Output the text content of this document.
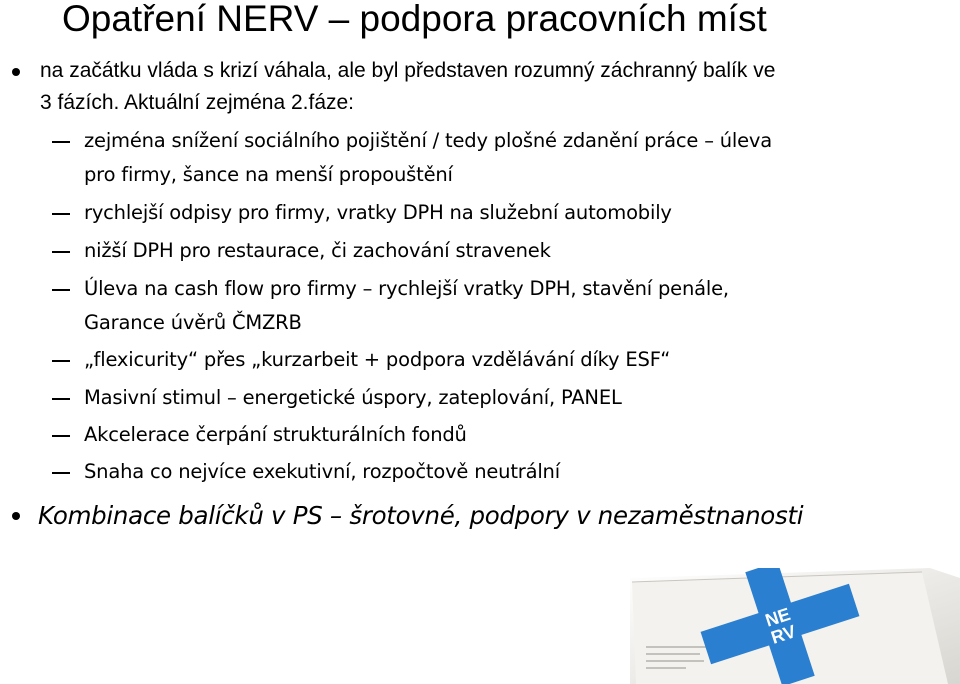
Opatření NERV – podpora pracovních míst
na začátku vláda s krizí váhala, ale byl představen rozumný záchranný balík ve
3 fázích. Aktuální zejména 2.fáze:
zejména snížení sociálního pojištění / tedy plošné zdanění práce – úleva
pro firmy, šance na menší propouštění
rychlejší odpisy pro firmy, vratky DPH na služební automobily
nižší DPH pro restaurace, či zachování stravenek
Úleva na cash flow pro firmy – rychlejší vratky DPH, stavění penále,
Garance úvěrů ČMZRB
„flexicurity“ přes „kurzarbeit + podpora vzdělávání díky ESF“
Masivní stimul – energetické úspory, zateplování, PANEL
Akcelerace čerpání strukturálních fondů
Snaha co nejvíce exekutivní, rozpočtově neutrální
Kombinace balíčků v PS – šrotovné, podpory v nezaměstnanosti
NE
RV
